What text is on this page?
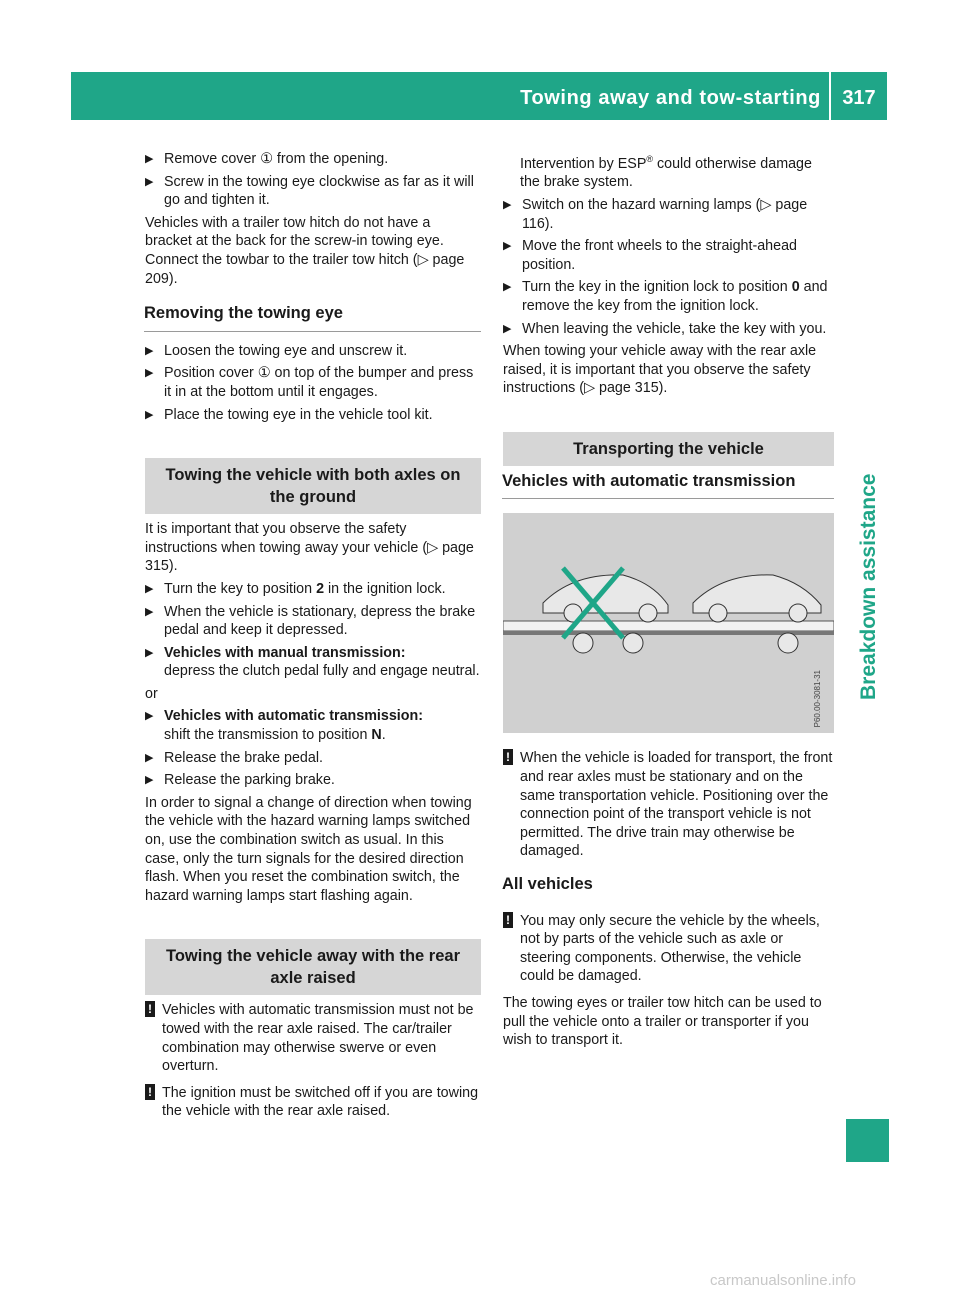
Towing away and tow-starting	317
Breakdown assistance
▶ Remove cover ① from the opening.
▶ Screw in the towing eye clockwise as far as it will go and tighten it.

Vehicles with a trailer tow hitch do not have a bracket at the back for the screw-in towing eye. Connect the towbar to the trailer tow hitch (▷ page 209).

Removing the towing eye
▶ Loosen the towing eye and unscrew it.
▶ Position cover ① on top of the bumper and press it in at the bottom until it engages.
▶ Place the towing eye in the vehicle tool kit.
Towing the vehicle with both axles on the ground

It is important that you observe the safety instructions when towing away your vehicle (▷ page 315).

▶ Turn the key to position 2 in the ignition lock.
▶ When the vehicle is stationary, depress the brake pedal and keep it depressed.
▶ Vehicles with manual transmission:
depress the clutch pedal fully and engage neutral.

or

▶ Vehicles with automatic transmission:
shift the transmission to position N.
▶ Release the brake pedal.
▶ Release the parking brake.

In order to signal a change of direction when towing the vehicle with the hazard warning lamps switched on, use the combination switch as usual. In this case, only the turn signals for the desired direction flash. When you reset the combination switch, the hazard warning lamps start flashing again.

Towing the vehicle away with the rear axle raised
! Vehicles with automatic transmission must not be towed with the rear axle raised. The car/trailer combination may otherwise swerve or even overturn.
! The ignition must be switched off if you are towing the vehicle with the rear axle raised.

Intervention by ESP® could otherwise damage the brake system.

▶ Switch on the hazard warning lamps (▷ page 116).
▶ Move the front wheels to the straight-ahead position.
▶ Turn the key in the ignition lock to position 0 and remove the key from the ignition lock.
▶ When leaving the vehicle, take the key with you.

When towing your vehicle away with the rear axle raised, it is important that you observe the safety instructions (▷ page 315).

Transporting the vehicle
Vehicles with automatic transmission
P60.00-3081-31
! When the vehicle is loaded for transport, the front and rear axles must be stationary and on the same transportation vehicle. Positioning over the connection point of the transport vehicle is not permitted. The drive train may otherwise be damaged.
All vehicles
! You may only secure the vehicle by the wheels, not by parts of the vehicle such as axle or steering components. Otherwise, the vehicle could be damaged.

The towing eyes or trailer tow hitch can be used to pull the vehicle onto a trailer or transporter if you wish to transport it.

carmanualsonline.info
